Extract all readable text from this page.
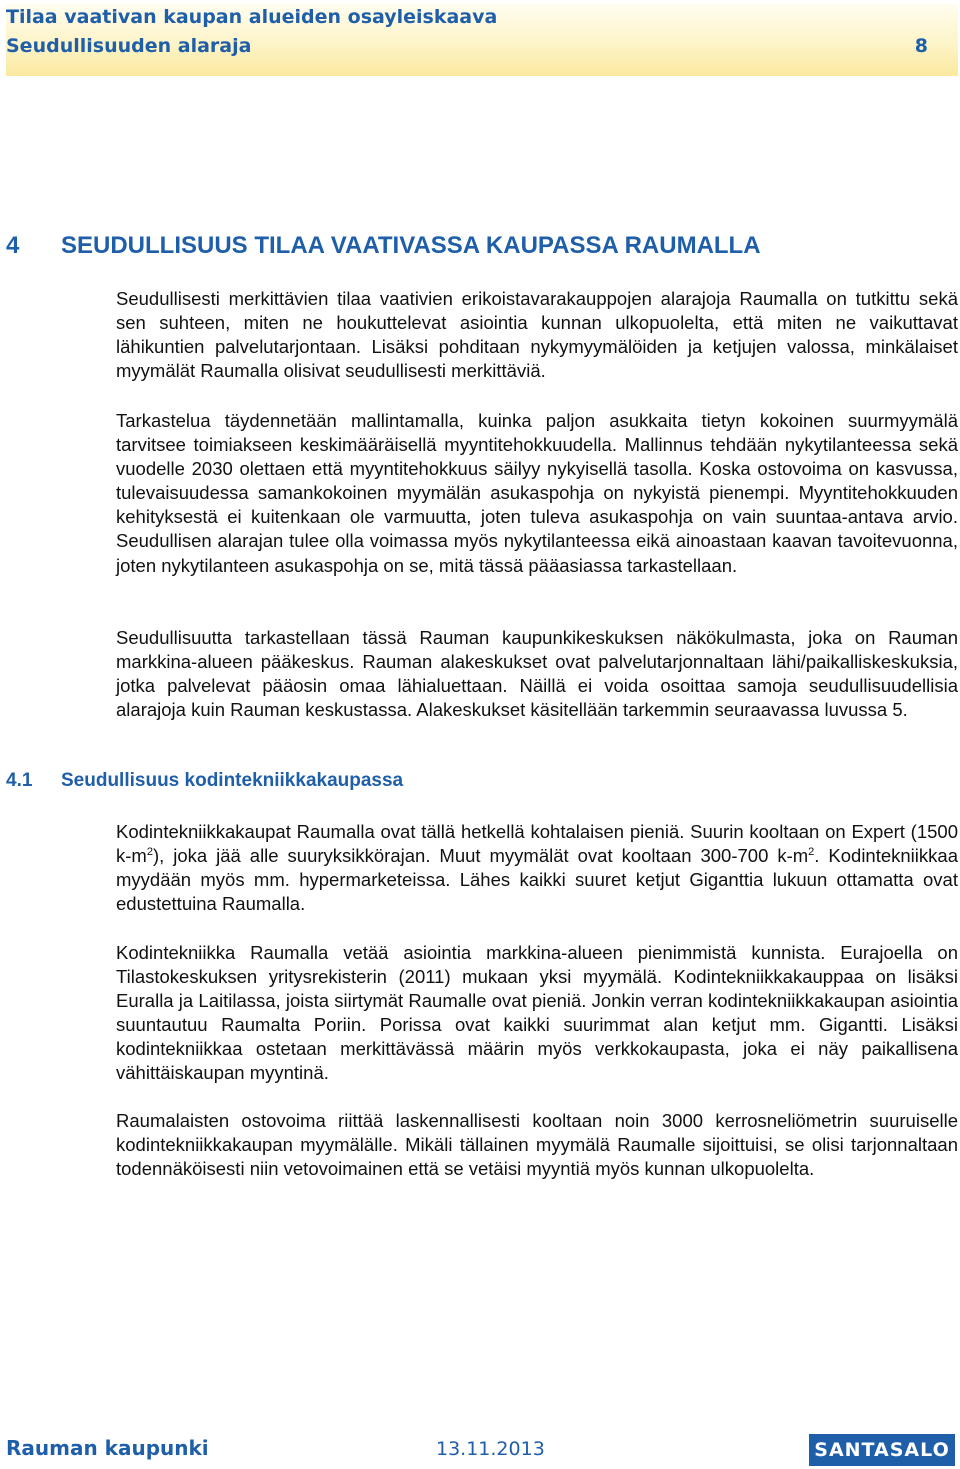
Tilaa vaativan kaupan alueiden osayleiskaava
Seudullisuuden alaraja	8
4 SEUDULLISUUS TILAA VAATIVASSA KAUPASSA RAUMALLA

Seudullisesti merkittävien tilaa vaativien erikoistavarakauppojen alarajoja Raumalla on tutkittu sekä sen suhteen, miten ne houkuttelevat asiointia kunnan ulkopuolelta, että miten ne vaikuttavat lähikuntien palvelutarjontaan. Lisäksi pohditaan nykymyymälöiden ja ketjujen valossa, minkälaiset myymälät Raumalla olisivat seudullisesti merkittäviä.

Tarkastelua täydennetään mallintamalla, kuinka paljon asukkaita tietyn kokoinen suurmyymälä tarvitsee toimiakseen keskimääräisellä myyntitehokkuudella. Mallinnus tehdään nykytilanteessa sekä vuodelle 2030 olettaen että myyntitehokkuus säilyy nykyisellä tasolla. Koska ostovoima on kasvussa, tulevaisuudessa samankokoinen myymälän asukaspohja on nykyistä pienempi. Myyntitehokkuuden kehityksestä ei kuitenkaan ole varmuutta, joten tuleva asukaspohja on vain suuntaa-antava arvio. Seudullisen alarajan tulee olla voimassa myös nykytilanteessa eikä ainoastaan kaavan tavoitevuonna, joten nykytilanteen asukaspohja on se, mitä tässä pääasiassa tarkastellaan.

Seudullisuutta tarkastellaan tässä Rauman kaupunkikeskuksen näkökulmasta, joka on Rauman markkina-alueen pääkeskus. Rauman alakeskukset ovat palvelutarjonnaltaan lähi/paikalliskeskuksia, jotka palvelevat pääosin omaa lähialuettaan. Näillä ei voida osoittaa samoja seudullisuudellisia alarajoja kuin Rauman keskustassa. Alakeskukset käsitellään tarkemmin seuraavassa luvussa 5.

4.1 Seudullisuus kodintekniikkakaupassa

Kodintekniikkakaupat Raumalla ovat tällä hetkellä kohtalaisen pieniä. Suurin kooltaan on Expert (1500 $k-m^2$), joka jää alle suuryksikkörajan. Muut myymälät ovat kooltaan 300-700 $k-m^2$. Kodintekniikkaa myydään myös mm. hypermarketeissa. Lähes kaikki suuret ketjut Giganttia lukuun ottamatta ovat edustettuina Raumalla.

Kodintekniikka Raumalla vetää asiointia markkina-alueen pienimmistä kunnista. Eurajoella on Tilastokeskuksen yritysrekisterin (2011) mukaan yksi myymälä. Kodintekniikkakauppaa on lisäksi Euralla ja Laitilassa, joista siirtymät Raumalle ovat pieniä. Jonkin verran kodintekniikkakaupan asiointia suuntautuu Raumalta Poriin. Porissa ovat kaikki suurimmat alan ketjut mm. Gigantti. Lisäksi kodintekniikkaa ostetaan merkittävässä määrin myös verkkokaupasta, joka ei näy paikallisena vähittäiskaupan myyntinä.

Raumalaisten ostovoima riittää laskennallisesti kooltaan noin 3000 kerrosneliömetrin suuruiselle kodintekniikkakaupan myymälälle. Mikäli tällainen myymälä Raumalle sijoittuisi, se olisi tarjonnaltaan todennäköisesti niin vetovoimainen että se vetäisi myyntiä myös kunnan ulkopuolelta.

Rauman kaupunki	13.11.2013	SANTASALO
